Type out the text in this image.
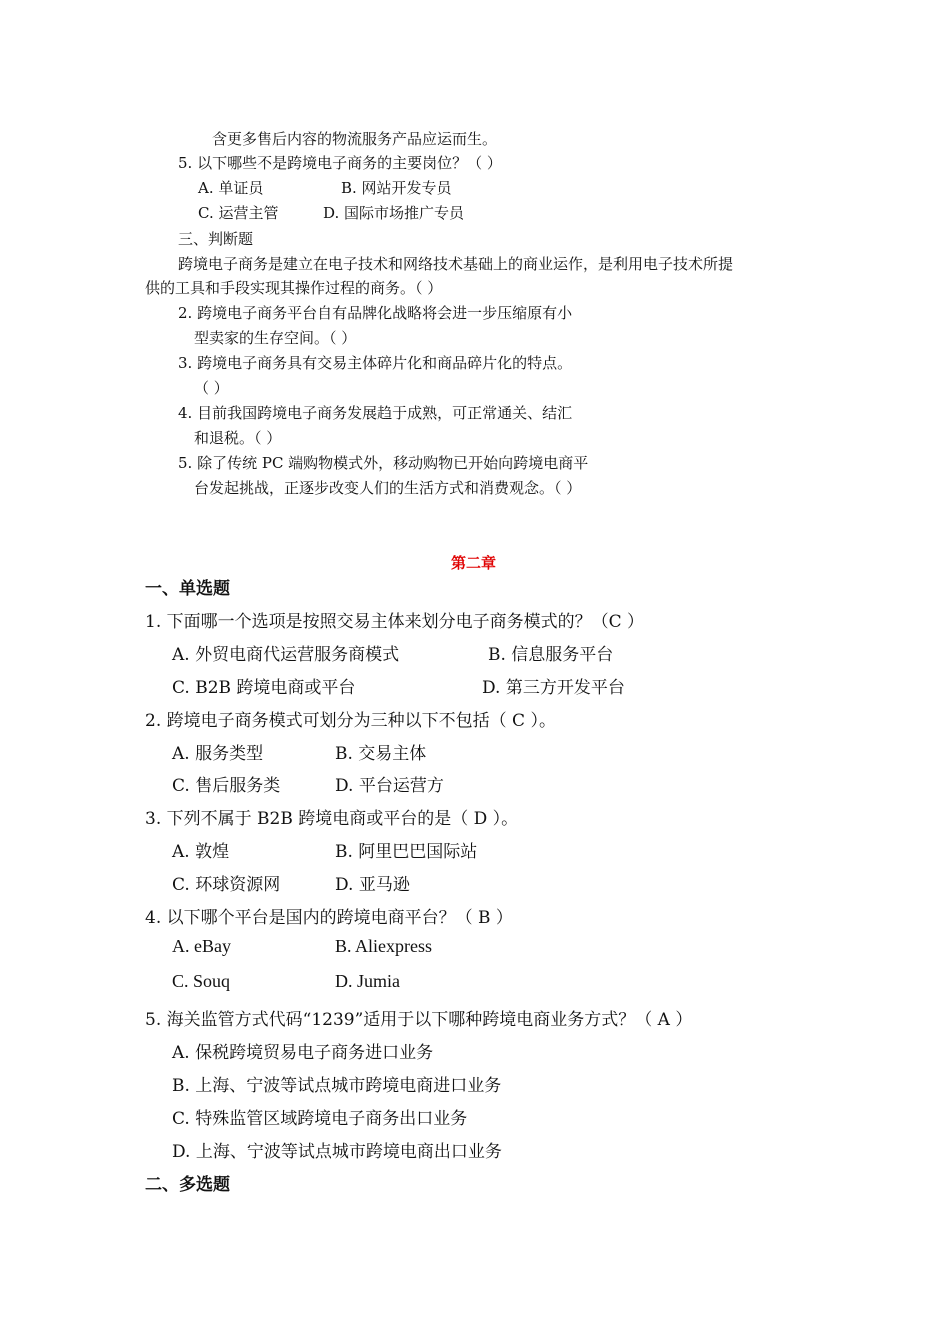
含更多售后内容的物流服务产品应运而生。
5. 以下哪些不是跨境电子商务的主要岗位？（ ）
A. 单证员	B. 网站开发专员
C. 运营主管	D. 国际市场推广专员
三、判断题
跨境电子商务是建立在电子技术和网络技术基础上的商业运作，是利用电子技术所提
供的工具和手段实现其操作过程的商务。（ ）
2. 跨境电子商务平台自有品牌化战略将会进一步压缩原有小
型卖家的生存空间。（ ）
3. 跨境电子商务具有交易主体碎片化和商品碎片化的特点。
（ ）
4. 目前我国跨境电子商务发展趋于成熟，可正常通关、结汇
和退税。（ ）
5. 除了传统 PC 端购物模式外，移动购物已开始向跨境电商平
台发起挑战，正逐步改变人们的生活方式和消费观念。（ ）
第二章
一、单选题
1. 下面哪一个选项是按照交易主体来划分电子商务模式的？（C ）
A. 外贸电商代运营服务商模式	B. 信息服务平台
C. B2B 跨境电商或平台	D. 第三方开发平台
2. 跨境电子商务模式可划分为三种以下不包括（ C ）。
A. 服务类型	B. 交易主体
C. 售后服务类	D. 平台运营方
3. 下列不属于 B2B 跨境电商或平台的是（ D ）。
A. 敦煌	B. 阿里巴巴国际站
C. 环球资源网	D. 亚马逊
4. 以下哪个平台是国内的跨境电商平台？（ B ）
A. eBay	B. Aliexpress
C. Souq	D. Jumia
5. 海关监管方式代码“1239”适用于以下哪种跨境电商业务方式？（ A ）
A. 保税跨境贸易电子商务进口业务
B. 上海、宁波等试点城市跨境电商进口业务
C. 特殊监管区域跨境电子商务出口业务
D. 上海、宁波等试点城市跨境电商出口业务
二、多选题
